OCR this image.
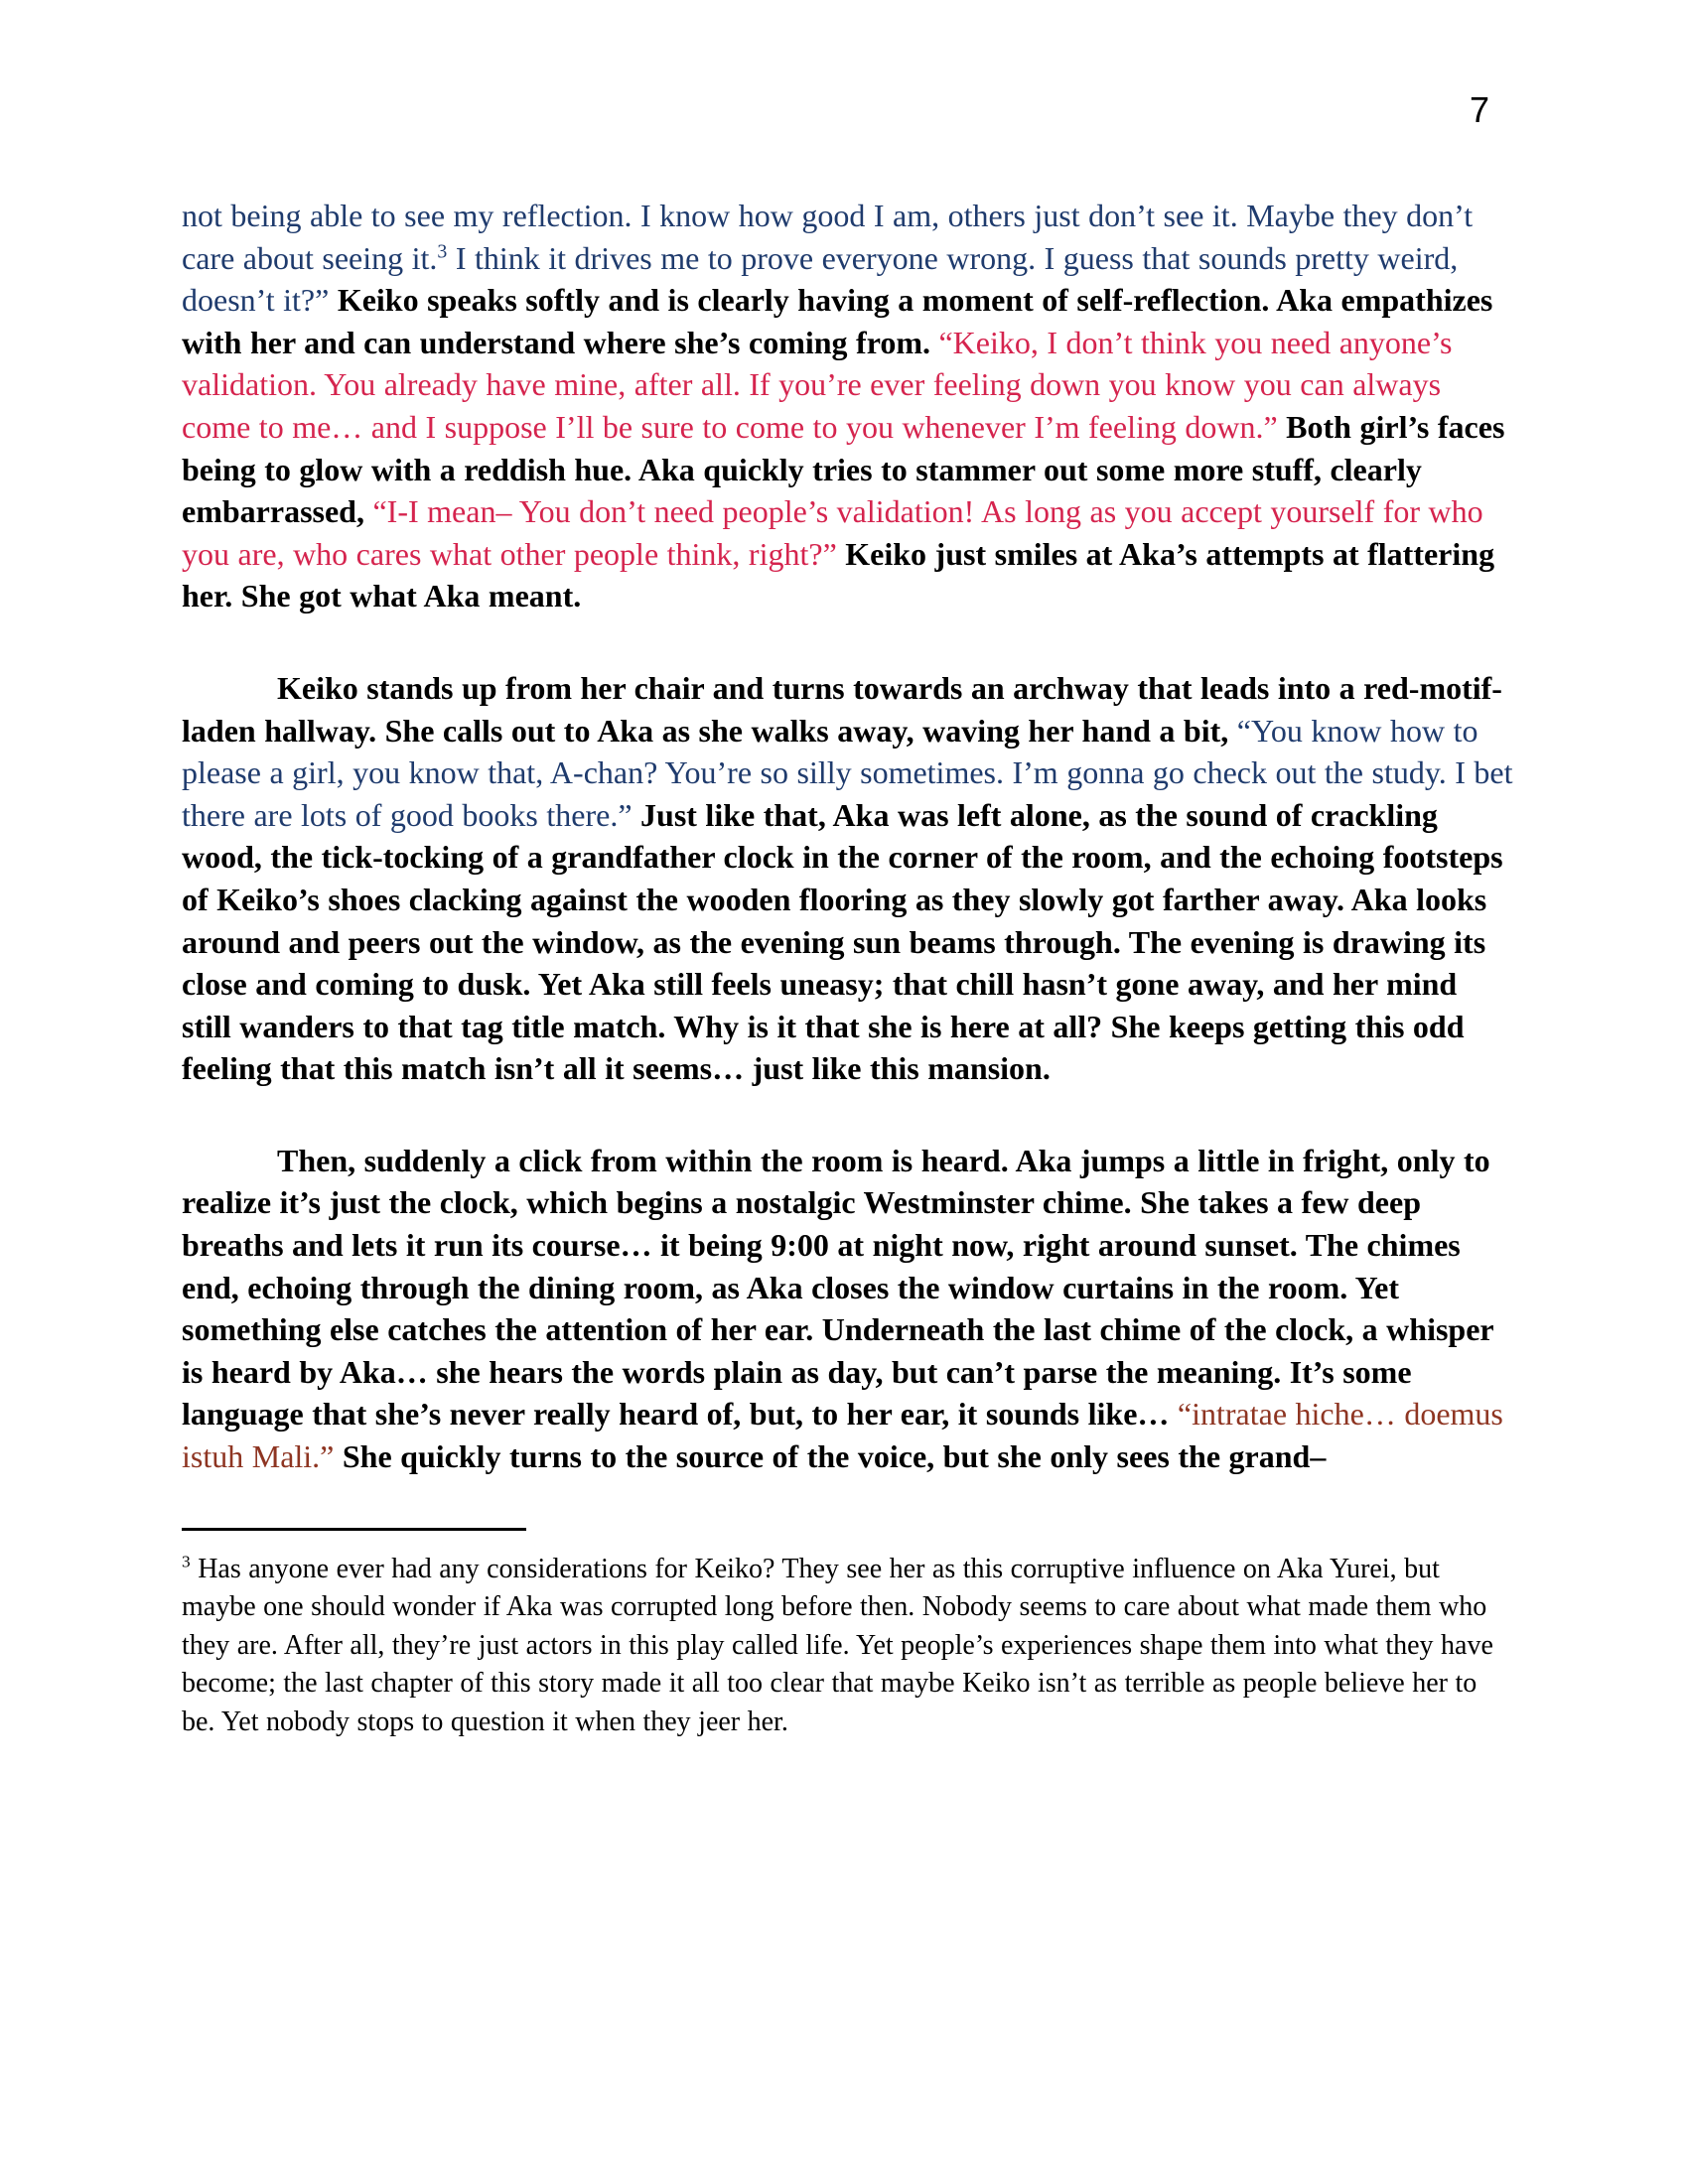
7

not being able to see my reflection. I know how good I am, others just don’t see it. Maybe they don’t care about seeing it.$^3$ I think it drives me to prove everyone wrong. I guess that sounds pretty weird, doesn’t it?” Keiko speaks softly and is clearly having a moment of self-reflection. Aka empathizes with her and can understand where she’s coming from. “Keiko, I don’t think you need anyone’s validation. You already have mine, after all. If you’re ever feeling down you know you can always come to me… and I suppose I’ll be sure to come to you whenever I’m feeling down.” Both girl’s faces being to glow with a reddish hue. Aka quickly tries to stammer out some more stuff, clearly embarrassed, “I-I mean– You don’t need people’s validation! As long as you accept yourself for who you are, who cares what other people think, right?” Keiko just smiles at Aka’s attempts at flattering her. She got what Aka meant.

Keiko stands up from her chair and turns towards an archway that leads into a red-motif-laden hallway. She calls out to Aka as she walks away, waving her hand a bit, “You know how to please a girl, you know that, A-chan? You’re so silly sometimes. I’m gonna go check out the study. I bet there are lots of good books there.” Just like that, Aka was left alone, as the sound of crackling wood, the tick-tocking of a grandfather clock in the corner of the room, and the echoing footsteps of Keiko’s shoes clacking against the wooden flooring as they slowly got farther away. Aka looks around and peers out the window, as the evening sun beams through. The evening is drawing its close and coming to dusk. Yet Aka still feels uneasy; that chill hasn’t gone away, and her mind still wanders to that tag title match. Why is it that she is here at all? She keeps getting this odd feeling that this match isn’t all it seems… just like this mansion.

Then, suddenly a click from within the room is heard. Aka jumps a little in fright, only to realize it’s just the clock, which begins a nostalgic Westminster chime. She takes a few deep breaths and lets it run its course… it being 9:00 at night now, right around sunset. The chimes end, echoing through the dining room, as Aka closes the window curtains in the room. Yet something else catches the attention of her ear. Underneath the last chime of the clock, a whisper is heard by Aka… she hears the words plain as day, but can’t parse the meaning. It’s some language that she’s never really heard of, but, to her ear, it sounds like… “intratae hiche… doemus istuh Mali.” She quickly turns to the source of the voice, but she only sees the grand–

$^3$ Has anyone ever had any considerations for Keiko? They see her as this corruptive influence on Aka Yurei, but maybe one should wonder if Aka was corrupted long before then. Nobody seems to care about what made them who they are. After all, they’re just actors in this play called life. Yet people’s experiences shape them into what they have become; the last chapter of this story made it all too clear that maybe Keiko isn’t as terrible as people believe her to be. Yet nobody stops to question it when they jeer her.
